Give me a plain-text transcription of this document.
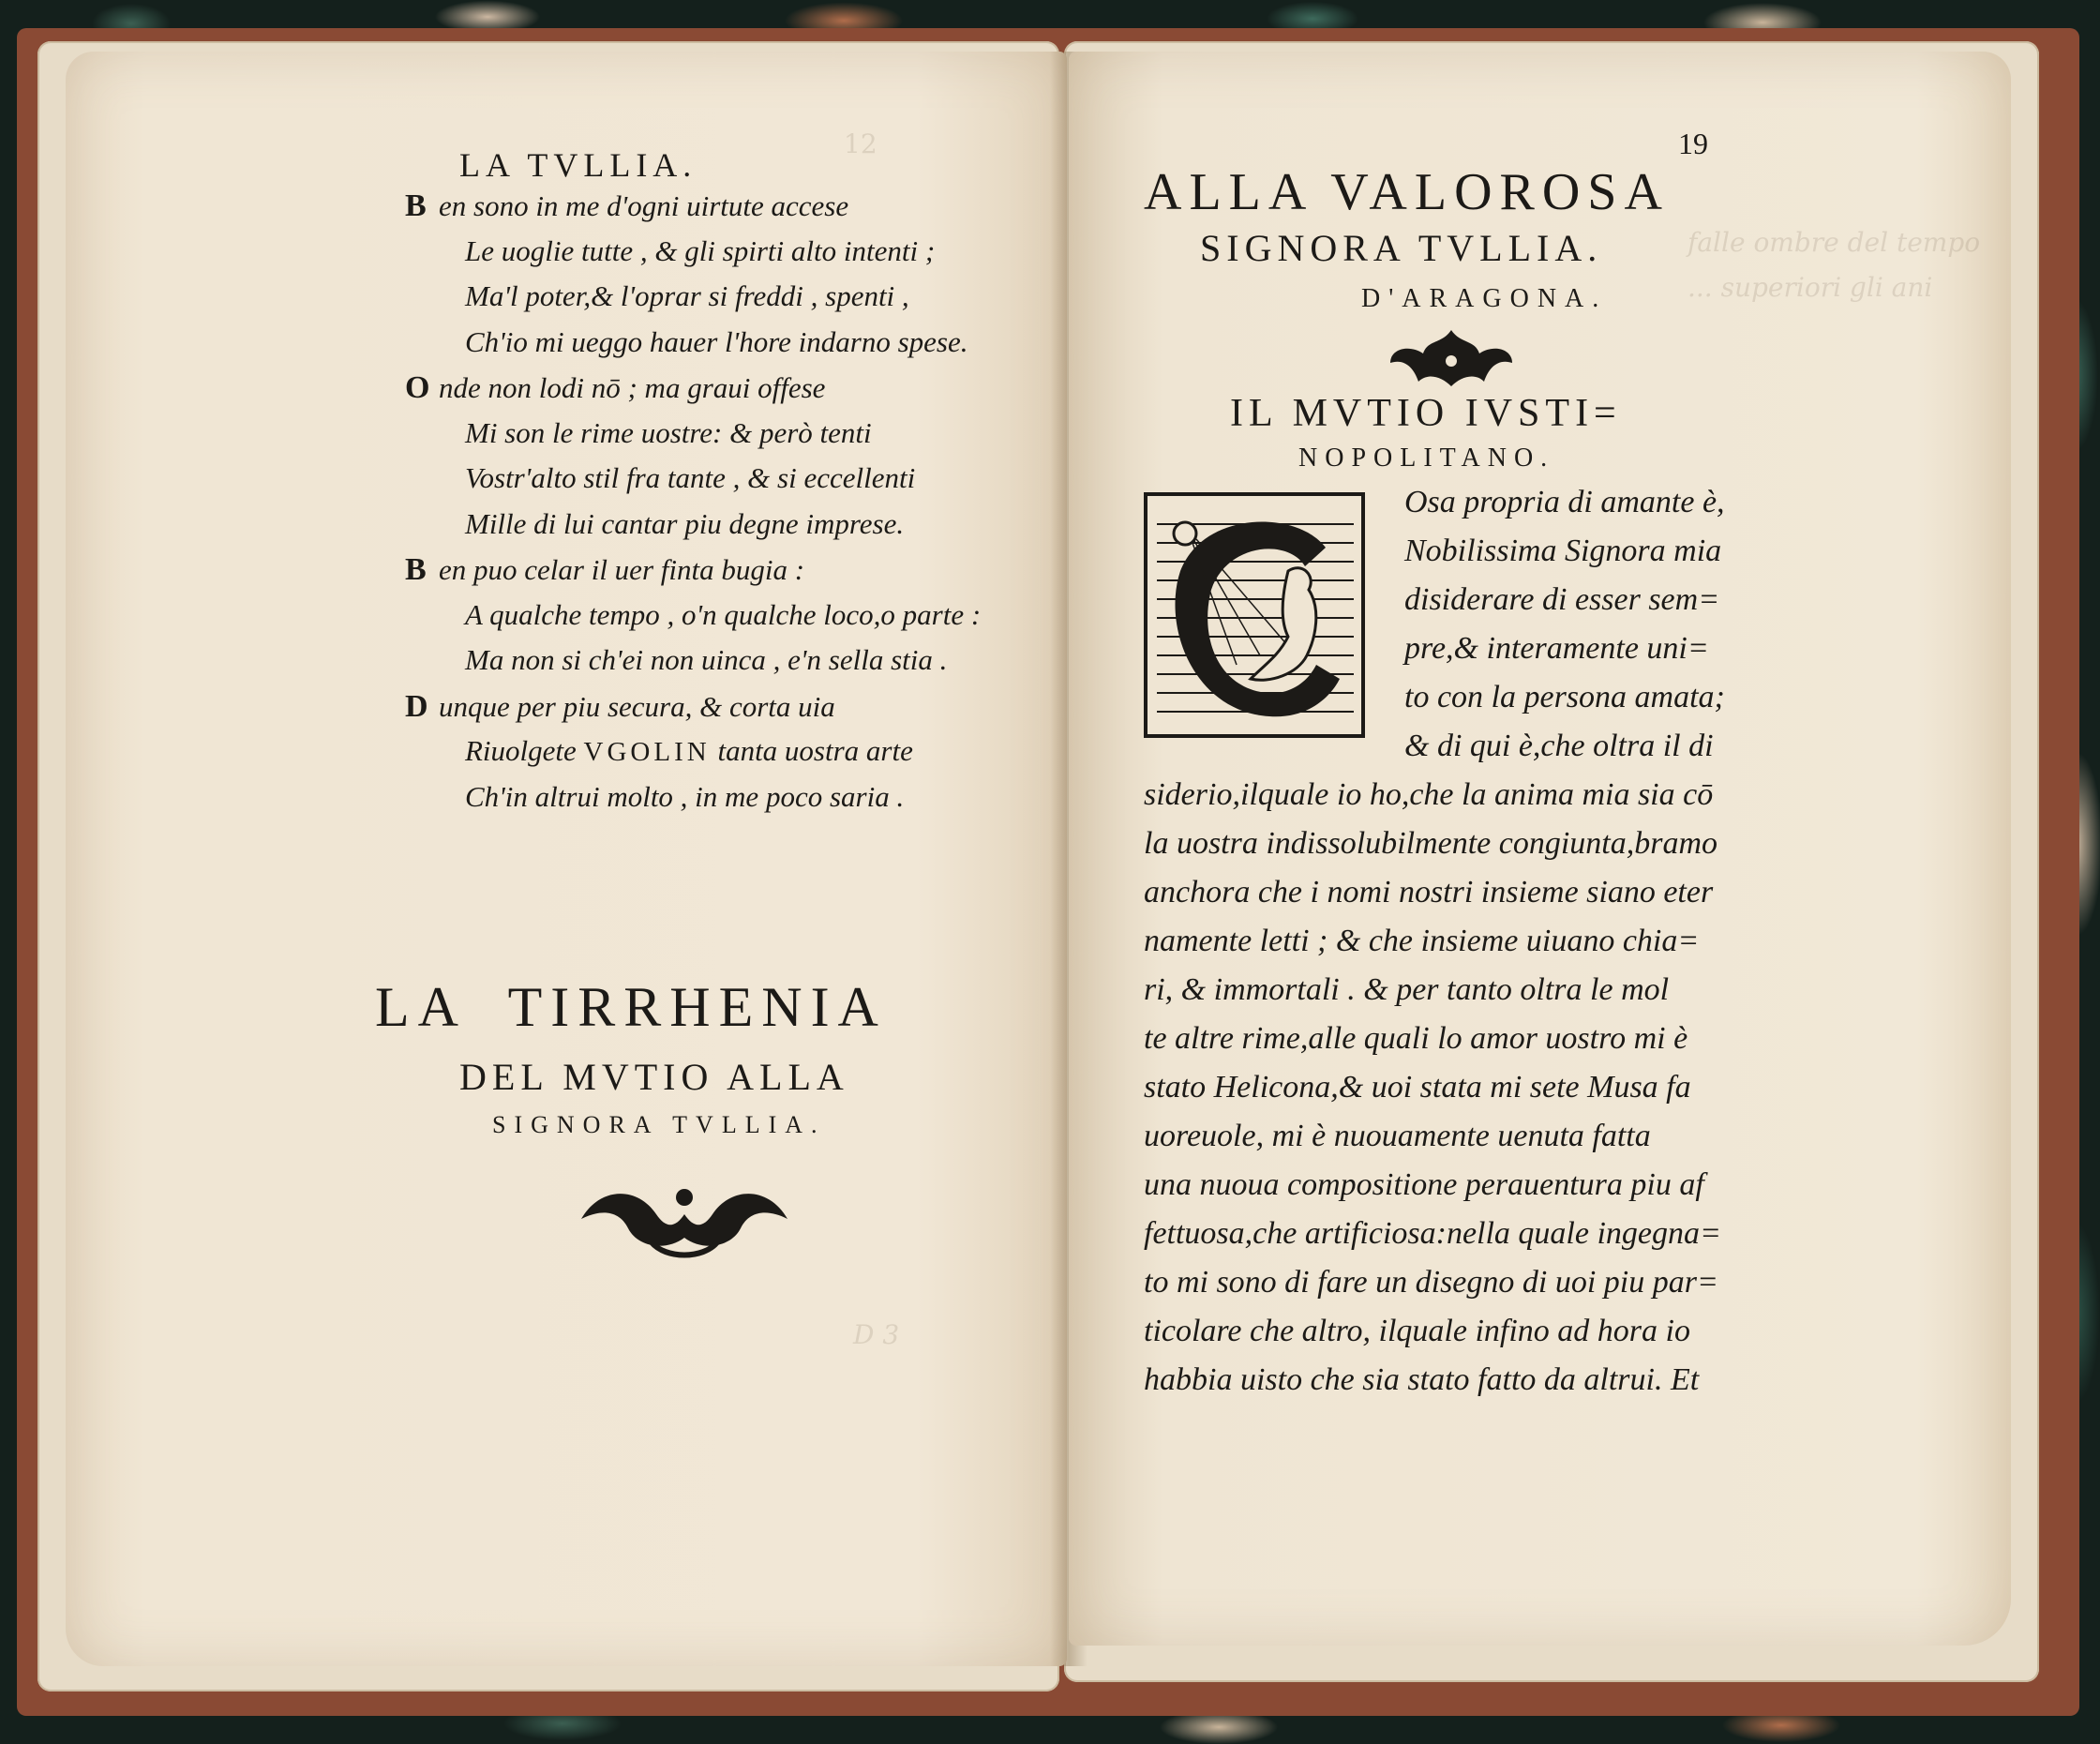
12
D 3
LA TVLLIA.
B en sono in me d'ogni uirtute accese
Le uoglie tutte , & gli spirti alto intenti ;
Ma'l poter,& l'oprar si freddi , spenti ,
Ch'io mi ueggo hauer l'hore indarno spese.
O nde non lodi nō ; ma graui offese
Mi son le rime uostre: & però tenti
Vostr'alto stil fra tante , & si eccellenti
Mille di lui cantar piu degne imprese.
B en puo celar il uer finta bugia :
A qualche tempo , o'n qualche loco,o parte :
Ma non si ch'ei non uinca , e'n sella stia .
D unque per piu secura, & corta uia
Riuolgete VGOLIN tanta uostra arte
Ch'in altrui molto , in me poco saria .
LA  TIRRHENIA
DEL MVTIO ALLA
SIGNORA TVLLIA.
falle ombre del tempo ... superiori gli ani
19
ALLA VALOROSA
SIGNORA TVLLIA.
D'ARAGONA.
IL MVTIO IVSTI=
NOPOLITANO.
Osa propria di amante è,
Nobilissima Signora mia
disiderare di esser sem=
pre,& interamente uni=
to con la persona amata;
& di qui è,che oltra il di
siderio,ilquale io ho,che la anima mia sia cō
la uostra indissolubilmente congiunta,bramo
anchora che i nomi nostri insieme siano eter
namente letti ; & che insieme uiuano chia=
ri, & immortali . & per tanto oltra le mol
te altre rime,alle quali lo amor uostro mi è
stato Helicona,& uoi stata mi sete Musa fa
uoreuole, mi è nuouamente uenuta fatta
una nuoua compositione perauentura piu af
fettuosa,che artificiosa:nella quale ingegna=
to mi sono di fare un disegno di uoi piu par=
ticolare che altro, ilquale infino ad hora io
habbia uisto che sia stato fatto da altrui. Et
